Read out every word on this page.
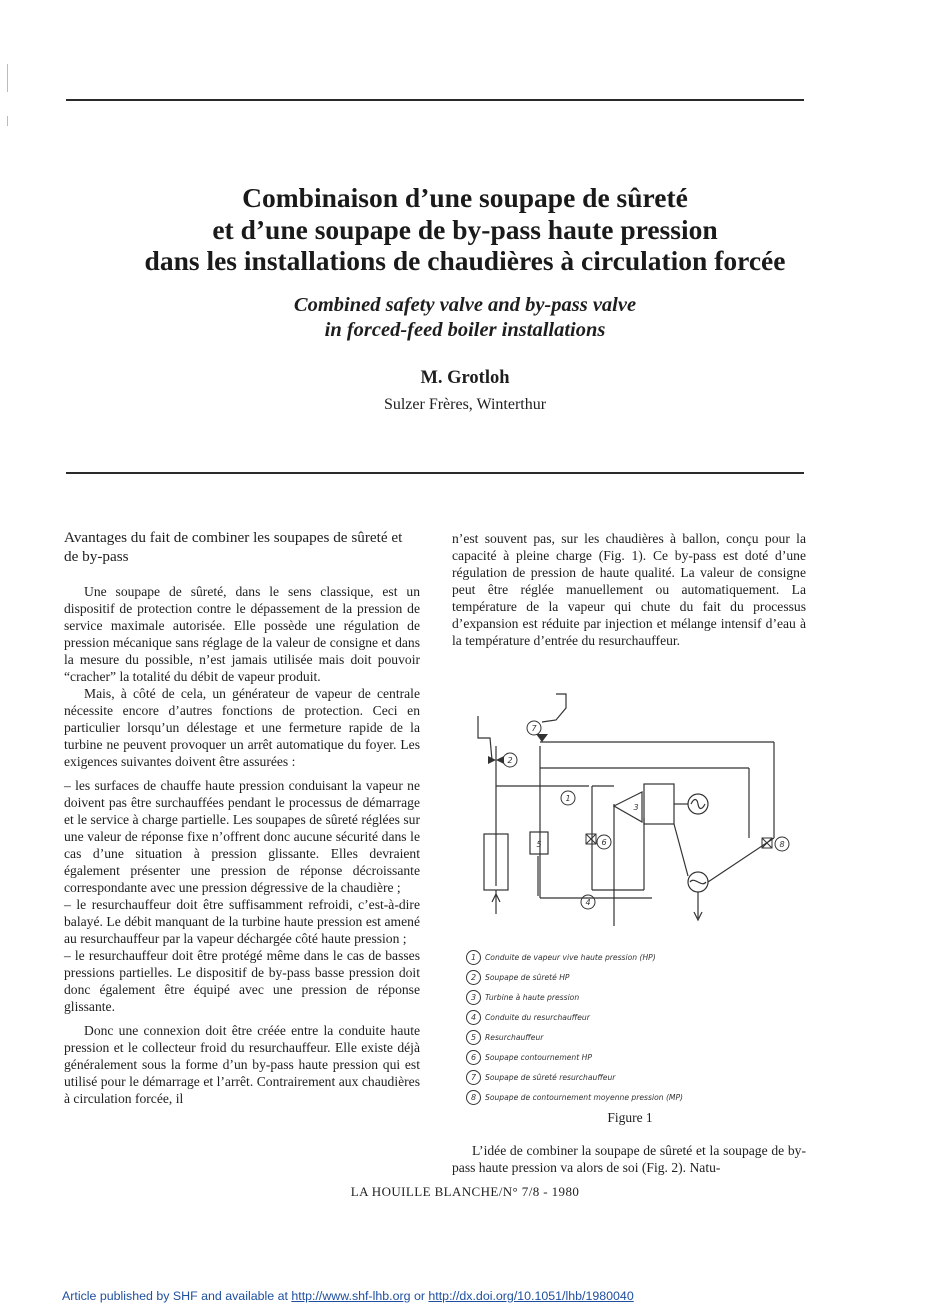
Combinaison d’une soupape de sûreté
et d’une soupape de by-pass haute pression
dans les installations de chaudières à circulation forcée
Combined safety valve and by-pass valve
in forced-feed boiler installations
M. Grotloh
Sulzer Frères, Winterthur
Avantages du fait de combiner les soupapes de sûreté et de by-pass

Une soupape de sûreté, dans le sens classique, est un dispositif de protection contre le dépassement de la pression de service maximale autorisée. Elle possède une régulation de pression mécanique sans réglage de la valeur de consigne et dans la mesure du possible, n’est jamais utilisée mais doit pouvoir “cracher” la totalité du débit de vapeur produit.

Mais, à côté de cela, un générateur de vapeur de centrale nécessite encore d’autres fonctions de protection. Ceci en particulier lorsqu’un délestage et une fermeture rapide de la turbine ne peuvent provoquer un arrêt automatique du foyer. Les exigences suivantes doivent être assurées :

– les surfaces de chauffe haute pression conduisant la vapeur ne doivent pas être surchauffées pendant le processus de démarrage et le service à charge partielle. Les soupapes de sûreté réglées sur une valeur de réponse fixe n’offrent donc aucune sécurité dans le cas d’une situation à pression glissante. Elles devraient également présenter une pression de réponse décroissante correspondante avec une pression dégressive de la chaudière ;

– le resurchauffeur doit être suffisamment refroidi, c’est-à-dire balayé. Le débit manquant de la turbine haute pression est amené au resurchauffeur par la vapeur déchargée côté haute pression ;

– le resurchauffeur doit être protégé même dans le cas de basses pressions partielles. Le dispositif de by-pass basse pression doit donc également être équipé avec une pression de réponse glissante.

Donc une connexion doit être créée entre la conduite haute pression et le collecteur froid du resurchauffeur. Elle existe déjà généralement sous la forme d’un by-pass haute pression qui est utilisé pour le démarrage et l’arrêt. Contrairement aux chaudières à circulation forcée, il

n’est souvent pas, sur les chaudières à ballon, conçu pour la capacité à pleine charge (Fig. 1). Ce by-pass est doté d’une régulation de pression de haute qualité. La valeur de consigne peut être réglée manuellement ou automatiquement. La température de la vapeur qui chute du fait du processus d’expansion est réduite par injection et mélange intensif d’eau à la température d’entrée du resurchauffeur.

1
2
3
4
5	6
7
8
1	Conduite de vapeur vive haute pression (HP)
2	Soupape de sûreté HP
3	Turbine à haute pression
4	Conduite du resurchauffeur
5	Resurchauffeur
6	Soupape contournement HP
7	Soupape de sûreté resurchauffeur
8	Soupape de contournement moyenne pression (MP)
Figure 1

L’idée de combiner la soupape de sûreté et la soupage de by-pass haute pression va alors de soi (Fig. 2). Natu-

LA HOUILLE BLANCHE/N° 7/8 - 1980
Article published by SHF and available at http://www.shf-lhb.org or http://dx.doi.org/10.1051/lhb/1980040
